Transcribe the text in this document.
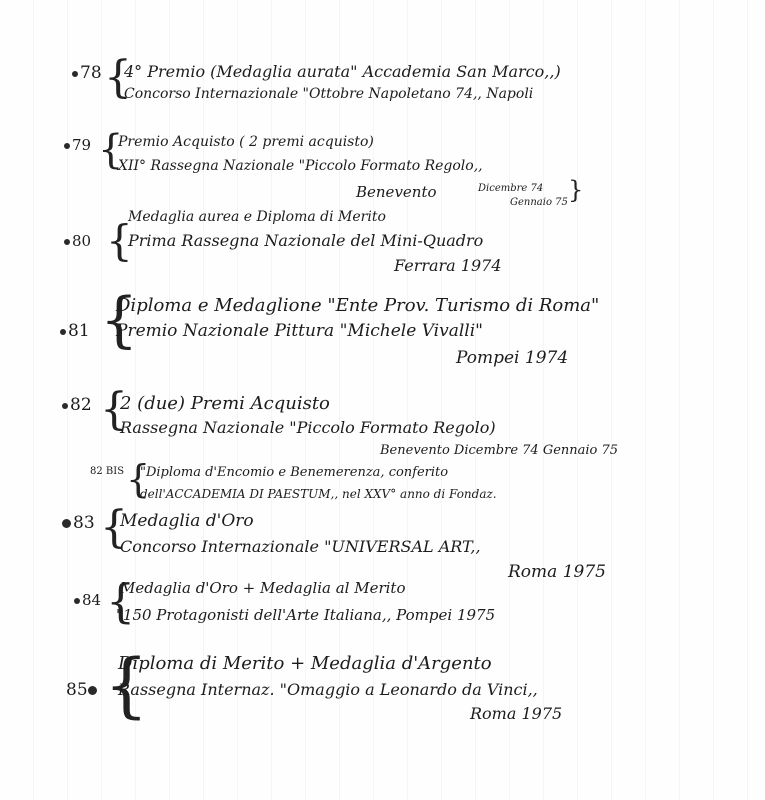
78 {
4° Premio (Medaglia aurata" Accademia San Marco,,)
Concorso Internazionale "Ottobre Napoletano 74,, Napoli
79 {
Premio Acquisto ( 2 premi acquisto)
XII° Rassegna Nazionale "Piccolo Formato Regolo,,
Benevento	Dicembre 74
Gennaio 75 }
Medaglia aurea e Diploma di Merito
80 {
Prima Rassegna Nazionale del Mini-Quadro
Ferrara 1974
{
Diploma e Medaglione "Ente Prov. Turismo di Roma"
81 Premio Nazionale Pittura "Michele Vivalli"
Pompei 1974
82 {
2 (due) Premi Acquisto
Rassegna Nazionale "Piccolo Formato Regolo)
Benevento Dicembre 74 Gennaio 75
82 BIS {
"Diploma d'Encomio e Benemerenza, conferito
dell'ACCADEMIA DI PAESTUM,, nel XXV° anno di Fondaz.
83 {
Medaglia d'Oro
Concorso Internazionale "UNIVERSAL ART,,
Roma 1975
84 {
Medaglia d'Oro + Medaglia al Merito
"150 Protagonisti dell'Arte Italiana,, Pompei 1975
{
Diploma di Merito + Medaglia d'Argento
85	Rassegna Internaz. "Omaggio a Leonardo da Vinci,,
Roma 1975
